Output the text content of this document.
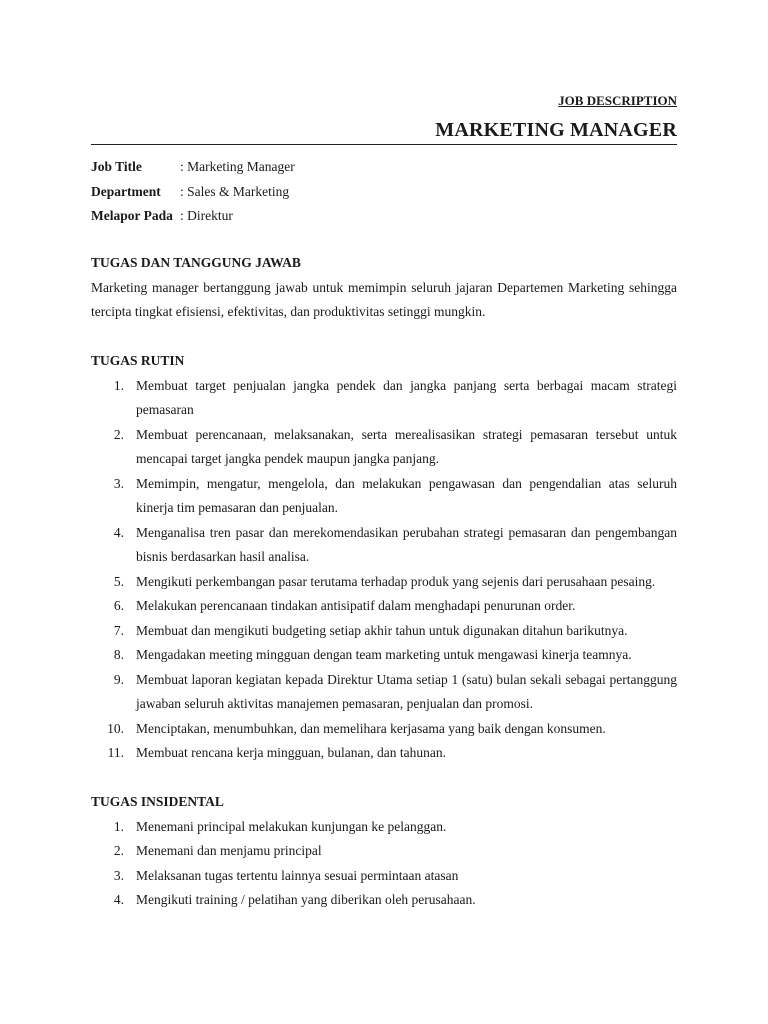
JOB DESCRIPTION
MARKETING MANAGER
Job Title	: Marketing Manager
Department	: Sales & Marketing
Melapor Pada : Direktur
TUGAS DAN TANGGUNG JAWAB
Marketing manager bertanggung jawab untuk memimpin seluruh jajaran Departemen Marketing sehingga tercipta tingkat efisiensi, efektivitas, dan produktivitas setinggi mungkin.
TUGAS RUTIN
1. Membuat target penjualan jangka pendek dan jangka panjang serta berbagai macam strategi pemasaran
2. Membuat perencanaan, melaksanakan, serta merealisasikan strategi pemasaran tersebut untuk mencapai target jangka pendek maupun jangka panjang.
3. Memimpin, mengatur, mengelola, dan melakukan pengawasan dan pengendalian atas seluruh kinerja tim pemasaran dan penjualan.
4. Menganalisa tren pasar dan merekomendasikan perubahan strategi pemasaran dan pengembangan bisnis berdasarkan hasil analisa.
5. Mengikuti perkembangan pasar terutama terhadap produk yang sejenis dari perusahaan pesaing.
6. Melakukan perencanaan tindakan antisipatif dalam menghadapi penurunan order.
7. Membuat dan mengikuti budgeting setiap akhir tahun untuk digunakan ditahun barikutnya.
8. Mengadakan meeting mingguan dengan team marketing untuk mengawasi kinerja teamnya.
9. Membuat laporan kegiatan kepada Direktur Utama setiap 1 (satu) bulan sekali sebagai pertanggung jawaban seluruh aktivitas manajemen pemasaran, penjualan dan promosi.
10. Menciptakan, menumbuhkan, dan memelihara kerjasama yang baik dengan konsumen.
11. Membuat rencana kerja mingguan, bulanan, dan tahunan.
TUGAS INSIDENTAL
1. Menemani principal melakukan kunjungan ke pelanggan.
2. Menemani dan menjamu principal
3. Melaksanan tugas tertentu lainnya sesuai permintaan atasan
4. Mengikuti training / pelatihan yang diberikan oleh perusahaan.
